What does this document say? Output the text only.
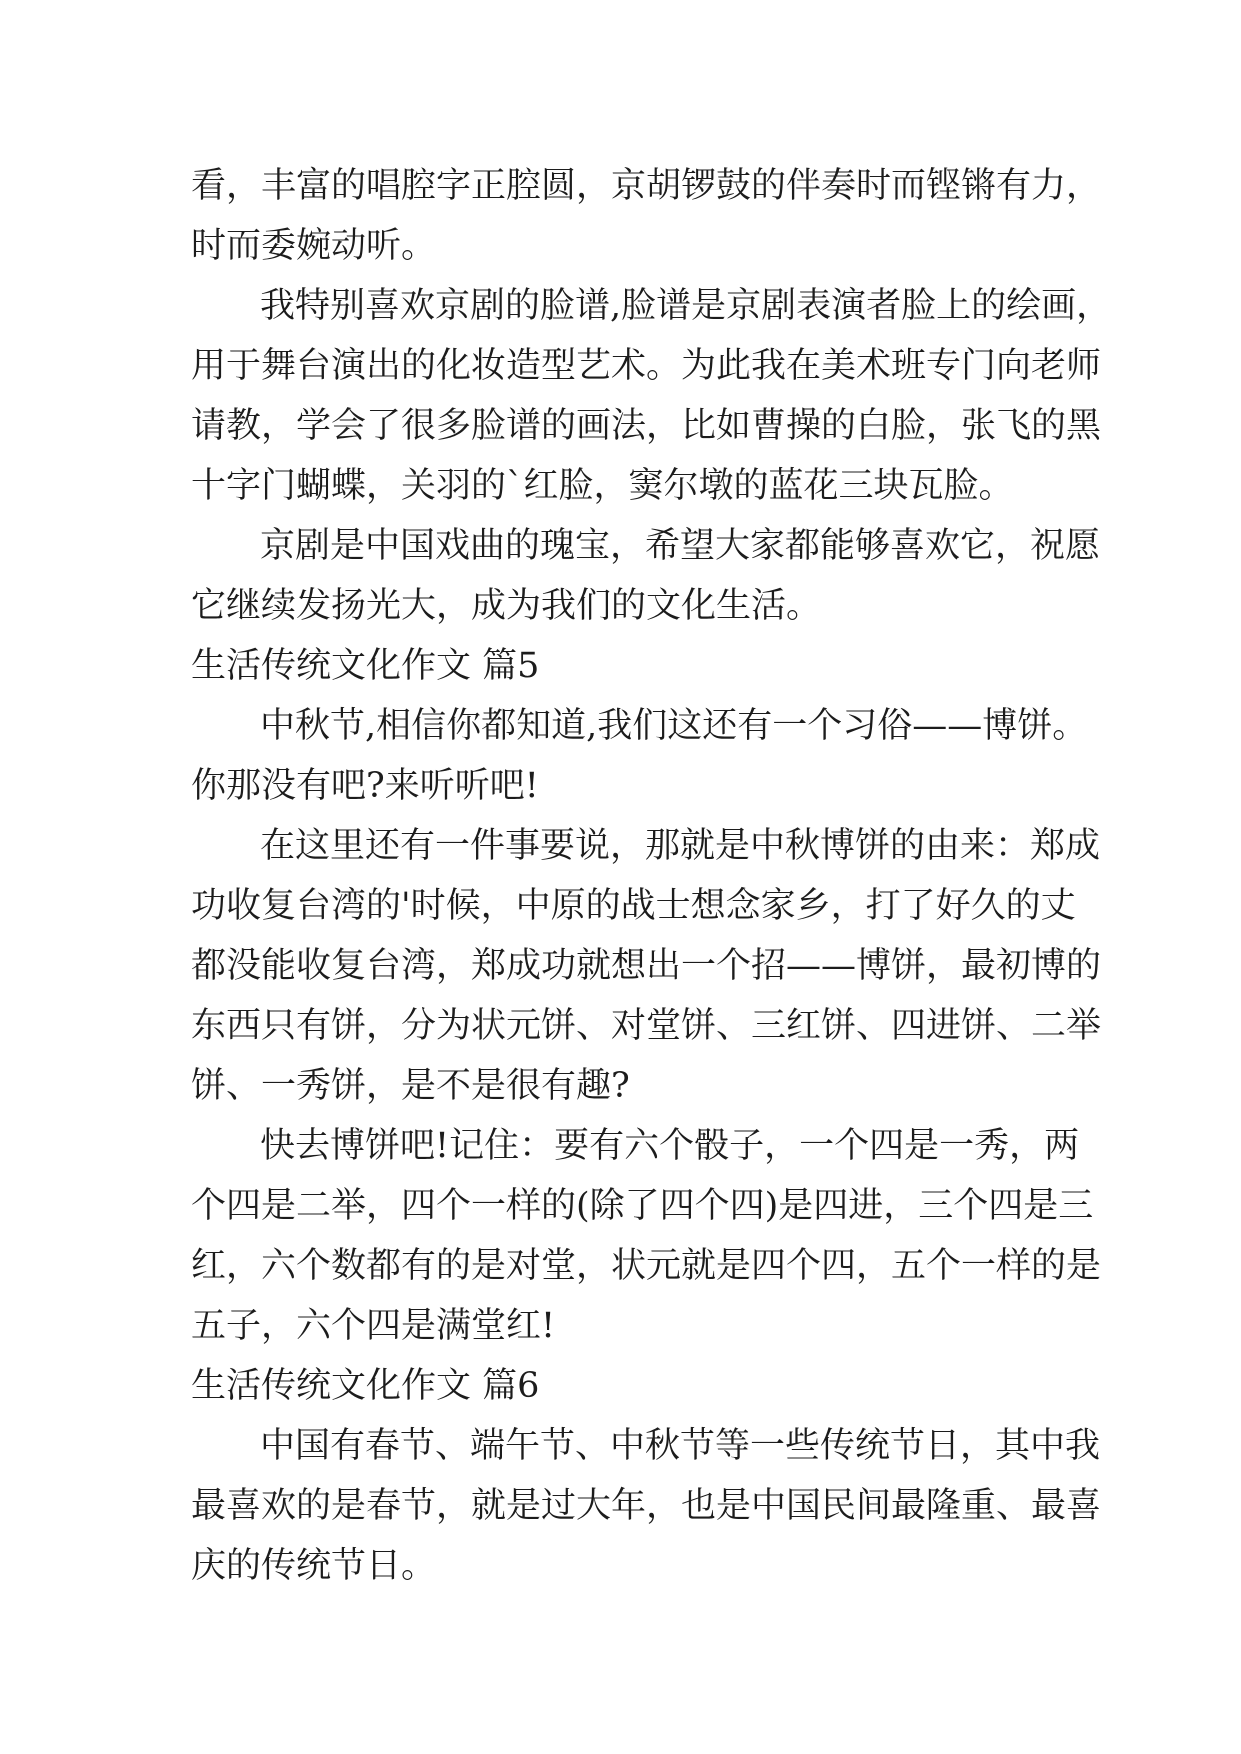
看，丰富的唱腔字正腔圆，京胡锣鼓的伴奏时而铿锵有力，
时而委婉动听。
我特别喜欢京剧的脸谱,脸谱是京剧表演者脸上的绘画，
用于舞台演出的化妆造型艺术。为此我在美术班专门向老师
请教，学会了很多脸谱的画法，比如曹操的白脸，张飞的黑
十字门蝴蝶，关羽的`红脸，窦尔墩的蓝花三块瓦脸。
京剧是中国戏曲的瑰宝，希望大家都能够喜欢它，祝愿
它继续发扬光大，成为我们的文化生活。
生活传统文化作文 篇5
中秋节,相信你都知道,我们这还有一个习俗——博饼。
你那没有吧?来听听吧!
在这里还有一件事要说，那就是中秋博饼的由来：郑成
功收复台湾的'时候，中原的战士想念家乡，打了好久的丈
都没能收复台湾，郑成功就想出一个招——博饼，最初博的
东西只有饼，分为状元饼、对堂饼、三红饼、四进饼、二举
饼、一秀饼，是不是很有趣?
快去博饼吧!记住：要有六个骰子，一个四是一秀，两
个四是二举，四个一样的(除了四个四)是四进，三个四是三
红，六个数都有的是对堂，状元就是四个四，五个一样的是
五子，六个四是满堂红!
生活传统文化作文 篇6
中国有春节、端午节、中秋节等一些传统节日，其中我
最喜欢的是春节，就是过大年，也是中国民间最隆重、最喜
庆的传统节日。
